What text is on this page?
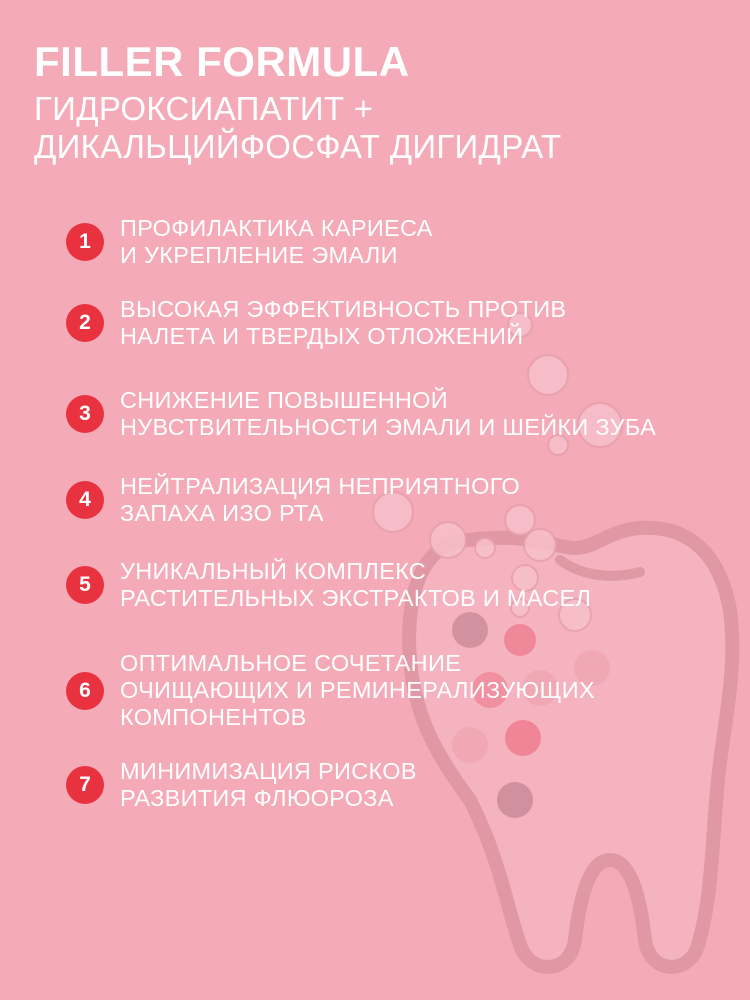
FILLER FORMULA
ГИДРОКСИАПАТИТ +
ДИКАЛЬЦИЙФОСФАТ ДИГИДРАТ
1
ПРОФИЛАКТИКА КАРИЕСА
И УКРЕПЛЕНИЕ ЭМАЛИ
2
ВЫСОКАЯ ЭФФЕКТИВНОСТЬ ПРОТИВ
НАЛЕТА И ТВЕРДЫХ ОТЛОЖЕНИЙ
3
СНИЖЕНИЕ ПОВЫШЕННОЙ
НУВСТВИТЕЛЬНОСТИ ЭМАЛИ И ШЕЙКИ ЗУБА
4
НЕЙТРАЛИЗАЦИЯ НЕПРИЯТНОГО
ЗАПАХА ИЗО РТА
5
УНИКАЛЬНЫЙ КОМПЛЕКС
РАСТИТЕЛЬНЫХ ЭКСТРАКТОВ И МАСЕЛ
6
ОПТИМАЛЬНОЕ СОЧЕТАНИЕ
ОЧИЩАЮЩИХ И РЕМИНЕРАЛИЗУЮЩИХ
КОМПОНЕНТОВ
7
МИНИМИЗАЦИЯ РИСКОВ
РАЗВИТИЯ ФЛЮОРОЗА
